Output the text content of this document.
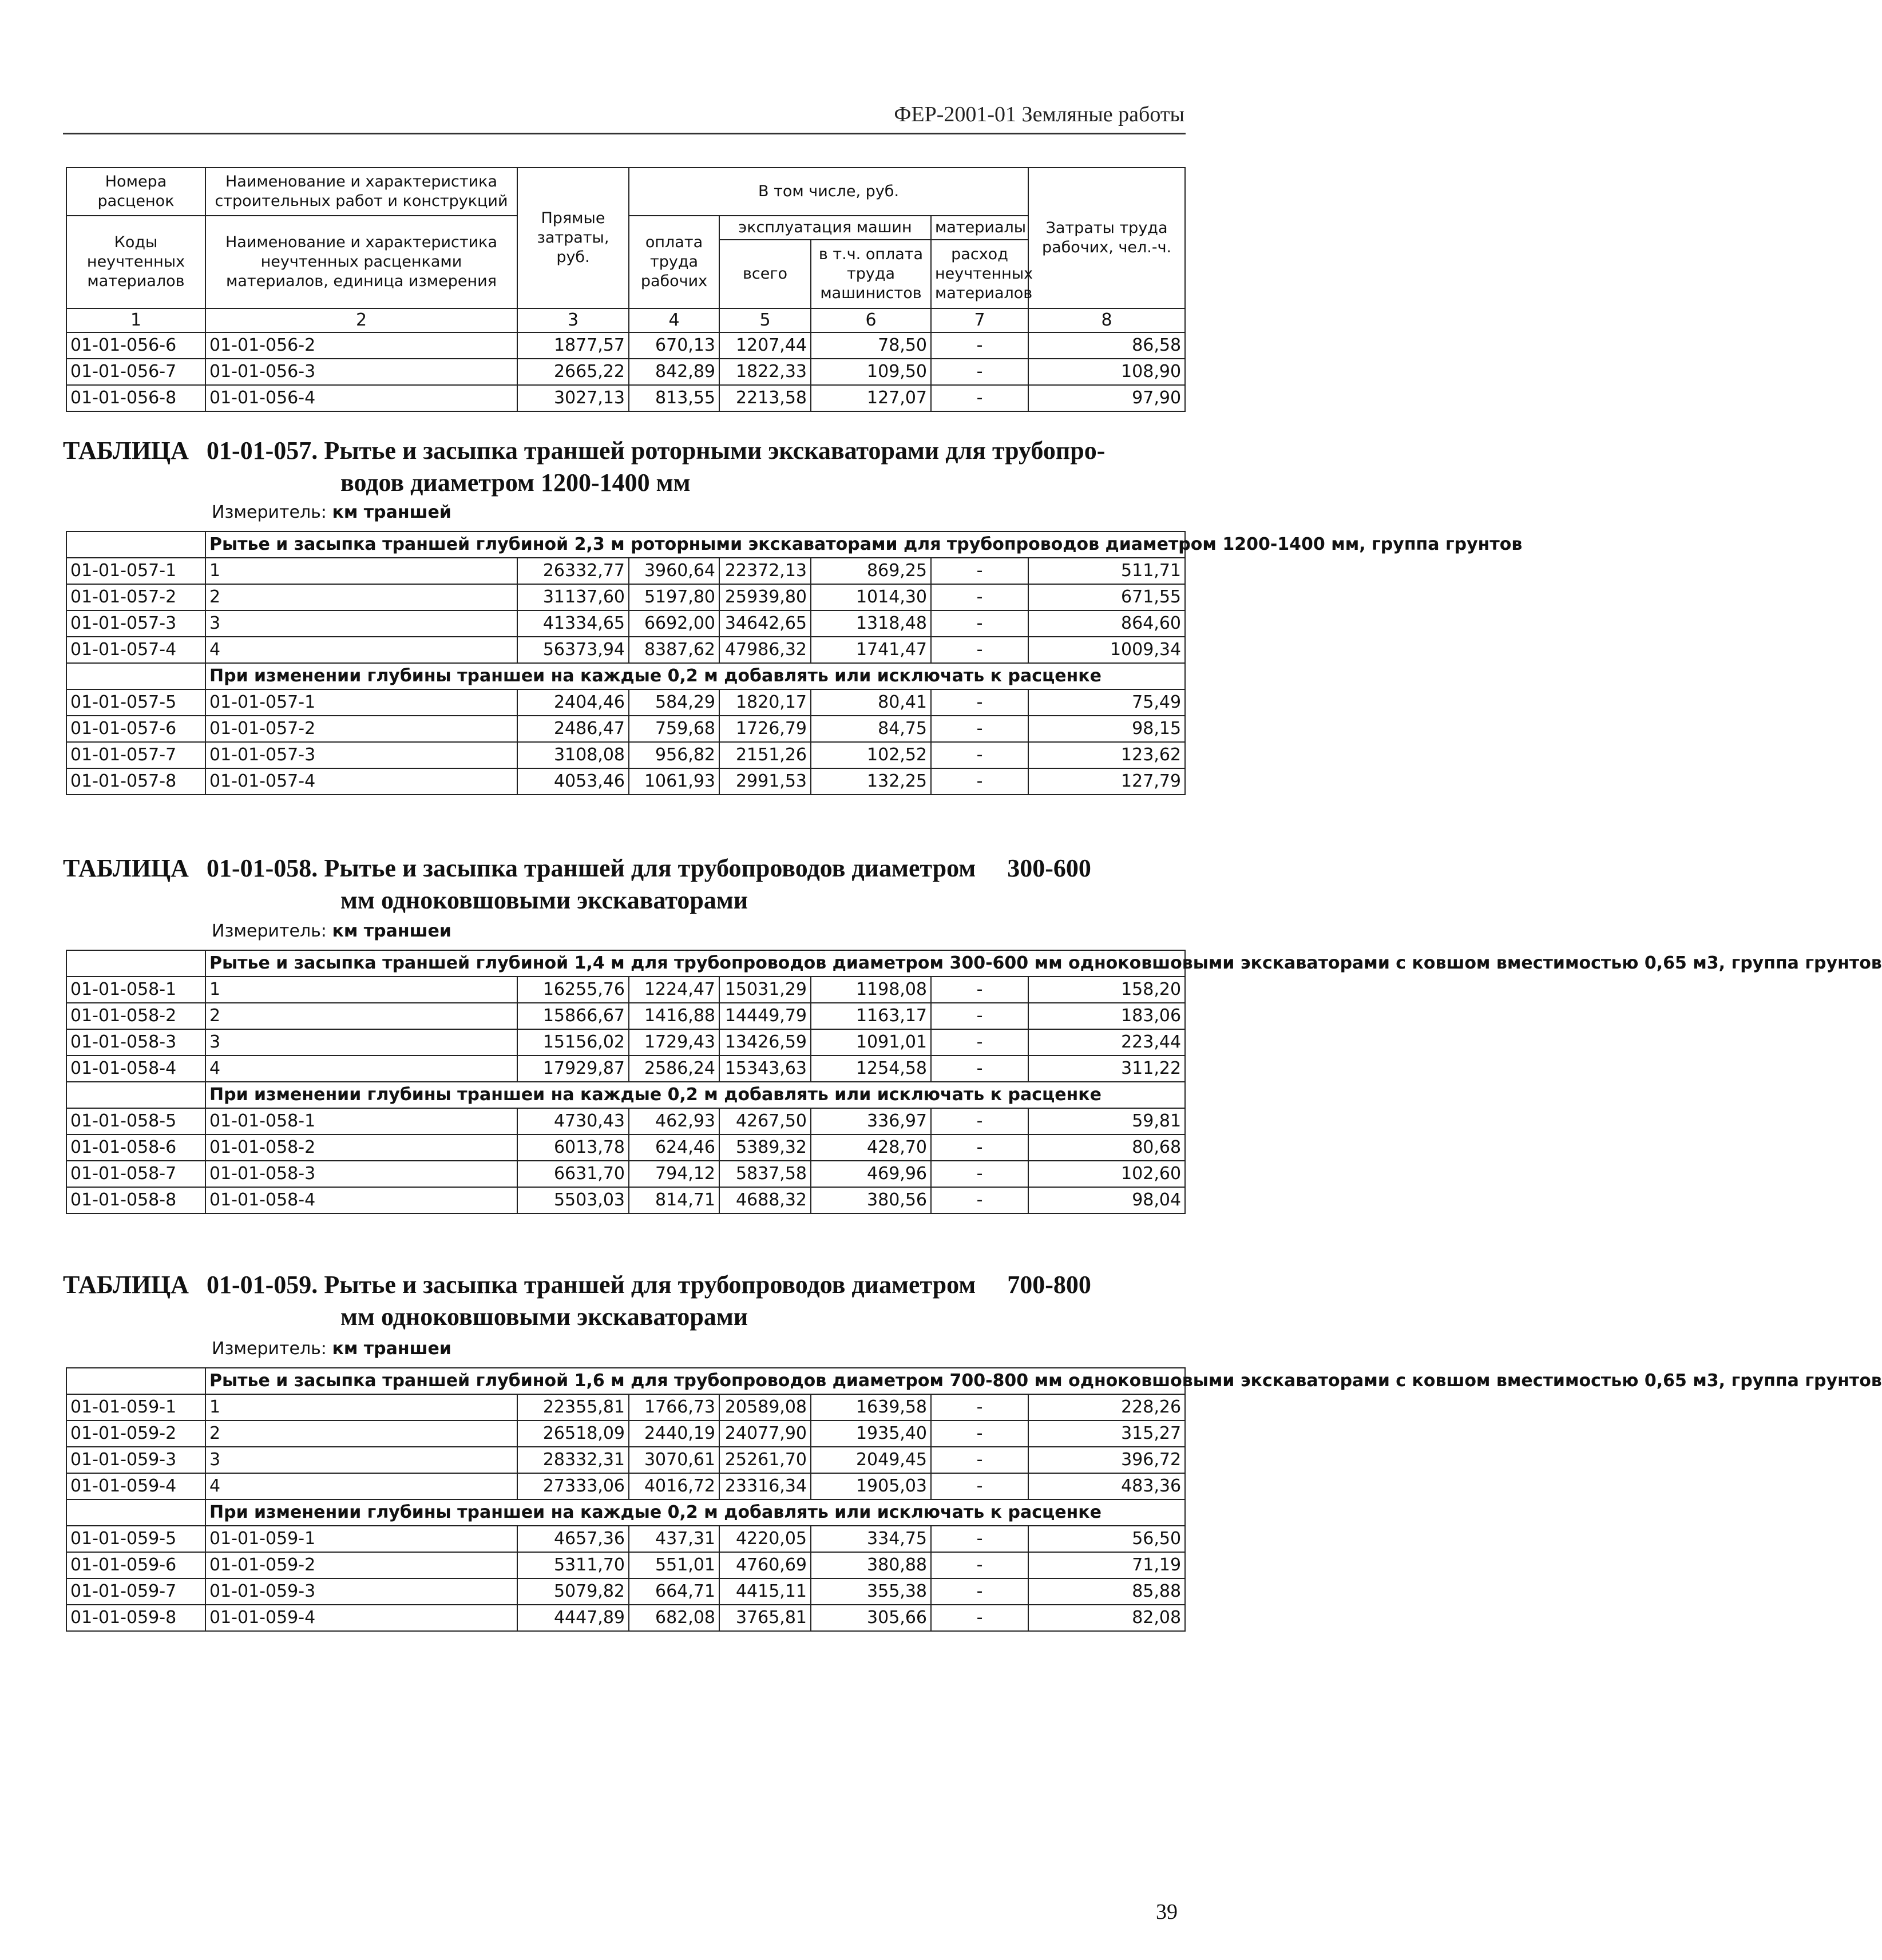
ФЕР-2001-01 Земляные работы
Номера расценок	Наименование и характеристика строительных работ и конструкций	Прямые затраты, руб.	В том числе, руб.				Затраты труда рабочих, чел.-ч.
Коды неучтенных материалов	Наименование и характеристика неучтенных расценками материалов, единица измерения		оплата труда рабочих	эксплуатация машин		материалы	
				всего	в т.ч. оплата труда машинистов	расход неучтенных материалов	
1	2	3	4	5	6	7	8
01-01-056-6	01-01-056-2	1877,57	670,13	1207,44	78,50	-	86,58
01-01-056-7	01-01-056-3	2665,22	842,89	1822,33	109,50	-	108,90
01-01-056-8	01-01-056-4	3027,13	813,55	2213,58	127,07	-	97,90
ТАБЛИЦА 01-01-057. Рытье и засыпка траншей роторными экскаваторами для трубопро-
водов диаметром 1200-1400 мм
Измеритель: км траншей
	Рытье и засыпка траншей глубиной 2,3 м роторными экскаваторами для трубопроводов диаметром 1200-1400 мм, группа грунтов						
01-01-057-1	1	26332,77	3960,64	22372,13	869,25	-	511,71
01-01-057-2	2	31137,60	5197,80	25939,80	1014,30	-	671,55
01-01-057-3	3	41334,65	6692,00	34642,65	1318,48	-	864,60
01-01-057-4	4	56373,94	8387,62	47986,32	1741,47	-	1009,34
	При изменении глубины траншеи на каждые 0,2 м добавлять или исключать к расценке						
01-01-057-5	01-01-057-1	2404,46	584,29	1820,17	80,41	-	75,49
01-01-057-6	01-01-057-2	2486,47	759,68	1726,79	84,75	-	98,15
01-01-057-7	01-01-057-3	3108,08	956,82	2151,26	102,52	-	123,62
01-01-057-8	01-01-057-4	4053,46	1061,93	2991,53	132,25	-	127,79
ТАБЛИЦА 01-01-058. Рытье и засыпка траншей для трубопроводов диаметром     300-600
мм одноковшовыми экскаваторами
Измеритель: км траншеи
	Рытье и засыпка траншей глубиной 1,4 м для трубопроводов диаметром 300-600 мм одноковшовыми экскаваторами с ковшом вместимостью 0,65 м3, группа грунтов						
01-01-058-1	1	16255,76	1224,47	15031,29	1198,08	-	158,20
01-01-058-2	2	15866,67	1416,88	14449,79	1163,17	-	183,06
01-01-058-3	3	15156,02	1729,43	13426,59	1091,01	-	223,44
01-01-058-4	4	17929,87	2586,24	15343,63	1254,58	-	311,22
	При изменении глубины траншеи на каждые 0,2 м добавлять или исключать к расценке						
01-01-058-5	01-01-058-1	4730,43	462,93	4267,50	336,97	-	59,81
01-01-058-6	01-01-058-2	6013,78	624,46	5389,32	428,70	-	80,68
01-01-058-7	01-01-058-3	6631,70	794,12	5837,58	469,96	-	102,60
01-01-058-8	01-01-058-4	5503,03	814,71	4688,32	380,56	-	98,04
ТАБЛИЦА 01-01-059. Рытье и засыпка траншей для трубопроводов диаметром     700-800
мм одноковшовыми экскаваторами
Измеритель: км траншеи
	Рытье и засыпка траншей глубиной 1,6 м для трубопроводов диаметром 700-800 мм одноковшовыми экскаваторами с ковшом вместимостью 0,65 м3, группа грунтов						
01-01-059-1	1	22355,81	1766,73	20589,08	1639,58	-	228,26
01-01-059-2	2	26518,09	2440,19	24077,90	1935,40	-	315,27
01-01-059-3	3	28332,31	3070,61	25261,70	2049,45	-	396,72
01-01-059-4	4	27333,06	4016,72	23316,34	1905,03	-	483,36
	При изменении глубины траншеи на каждые 0,2 м добавлять или исключать к расценке						
01-01-059-5	01-01-059-1	4657,36	437,31	4220,05	334,75	-	56,50
01-01-059-6	01-01-059-2	5311,70	551,01	4760,69	380,88	-	71,19
01-01-059-7	01-01-059-3	5079,82	664,71	4415,11	355,38	-	85,88
01-01-059-8	01-01-059-4	4447,89	682,08	3765,81	305,66	-	82,08
39
